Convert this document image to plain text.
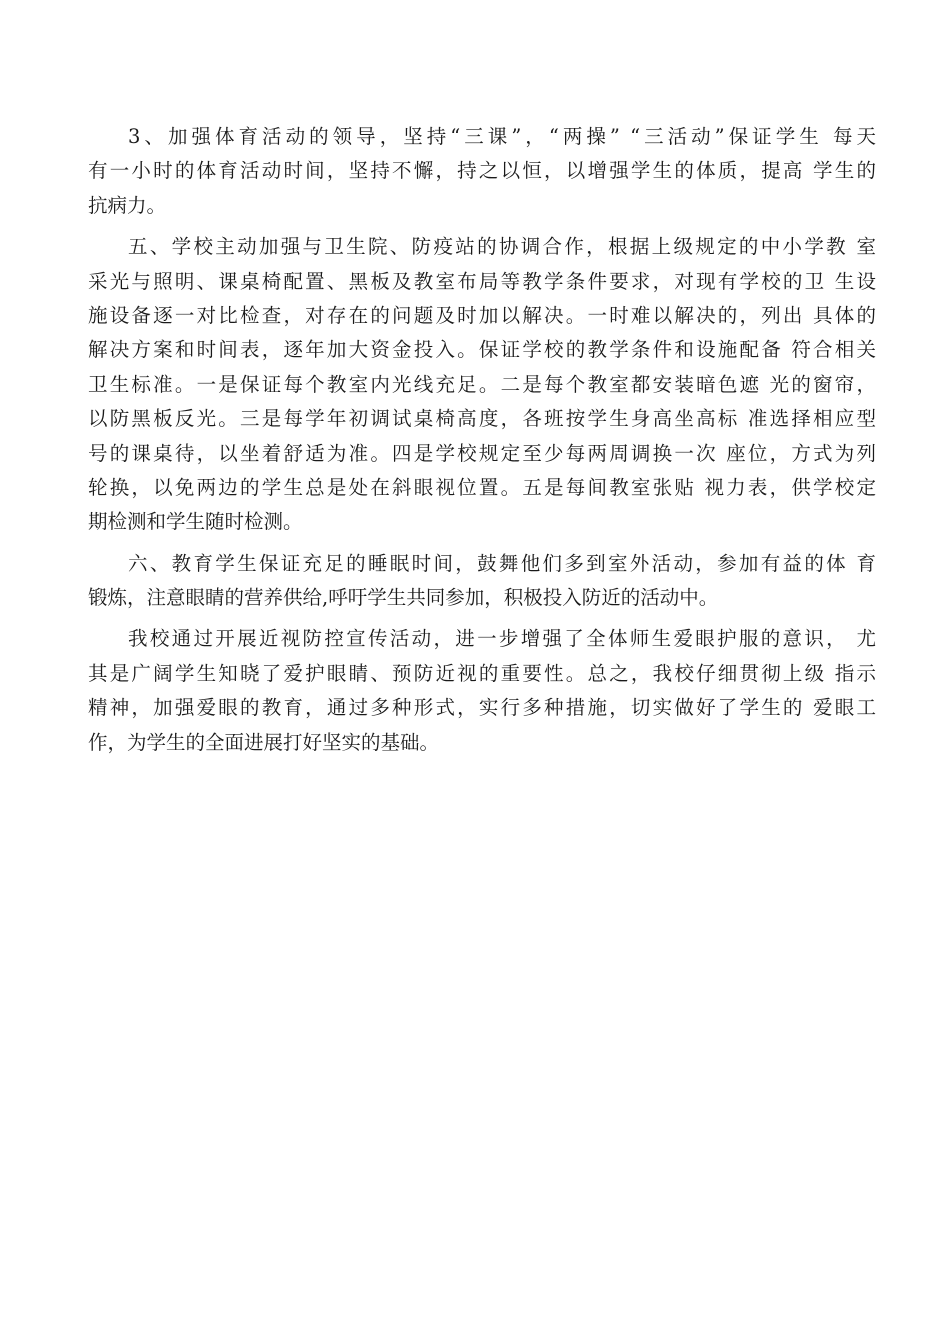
3、加强体育活动的领导，坚持“三课”，“两操” “三活动”保证学生 每天
有一小时的体育活动时间，坚持不懈，持之以恒，以增强学生的体质，提高 学生的
抗病力。
五、学校主动加强与卫生院、防疫站的协调合作，根据上级规定的中小学教 室
采光与照明、课桌椅配置、黑板及教室布局等教学条件要求，对现有学校的卫 生设
施设备逐一对比检查，对存在的问题及时加以解决。一时难以解决的，列出 具体的
解决方案和时间表，逐年加大资金投入。保证学校的教学条件和设施配备 符合相关
卫生标准。一是保证每个教室内光线充足。二是每个教室都安装暗色遮 光的窗帘，
以防黑板反光。三是每学年初调试桌椅高度，各班按学生身高坐高标 准选择相应型
号的课桌待，以坐着舒适为准。四是学校规定至少每两周调换一次 座位，方式为列
轮换，以免两边的学生总是处在斜眼视位置。五是每间教室张贴 视力表，供学校定
期检测和学生随时检测。
六、教育学生保证充足的睡眠时间，鼓舞他们多到室外活动，参加有益的体 育
锻炼，注意眼睛的营养供给,呼吁学生共同参加，积极投入防近的活动中。
我校通过开展近视防控宣传活动，进一步增强了全体师生爱眼护服的意识， 尤
其是广阔学生知晓了爱护眼睛、预防近视的重要性。总之，我校仔细贯彻上级 指示
精神，加强爱眼的教育，通过多种形式，实行多种措施，切实做好了学生的 爱眼工
作，为学生的全面进展打好坚实的基础。
